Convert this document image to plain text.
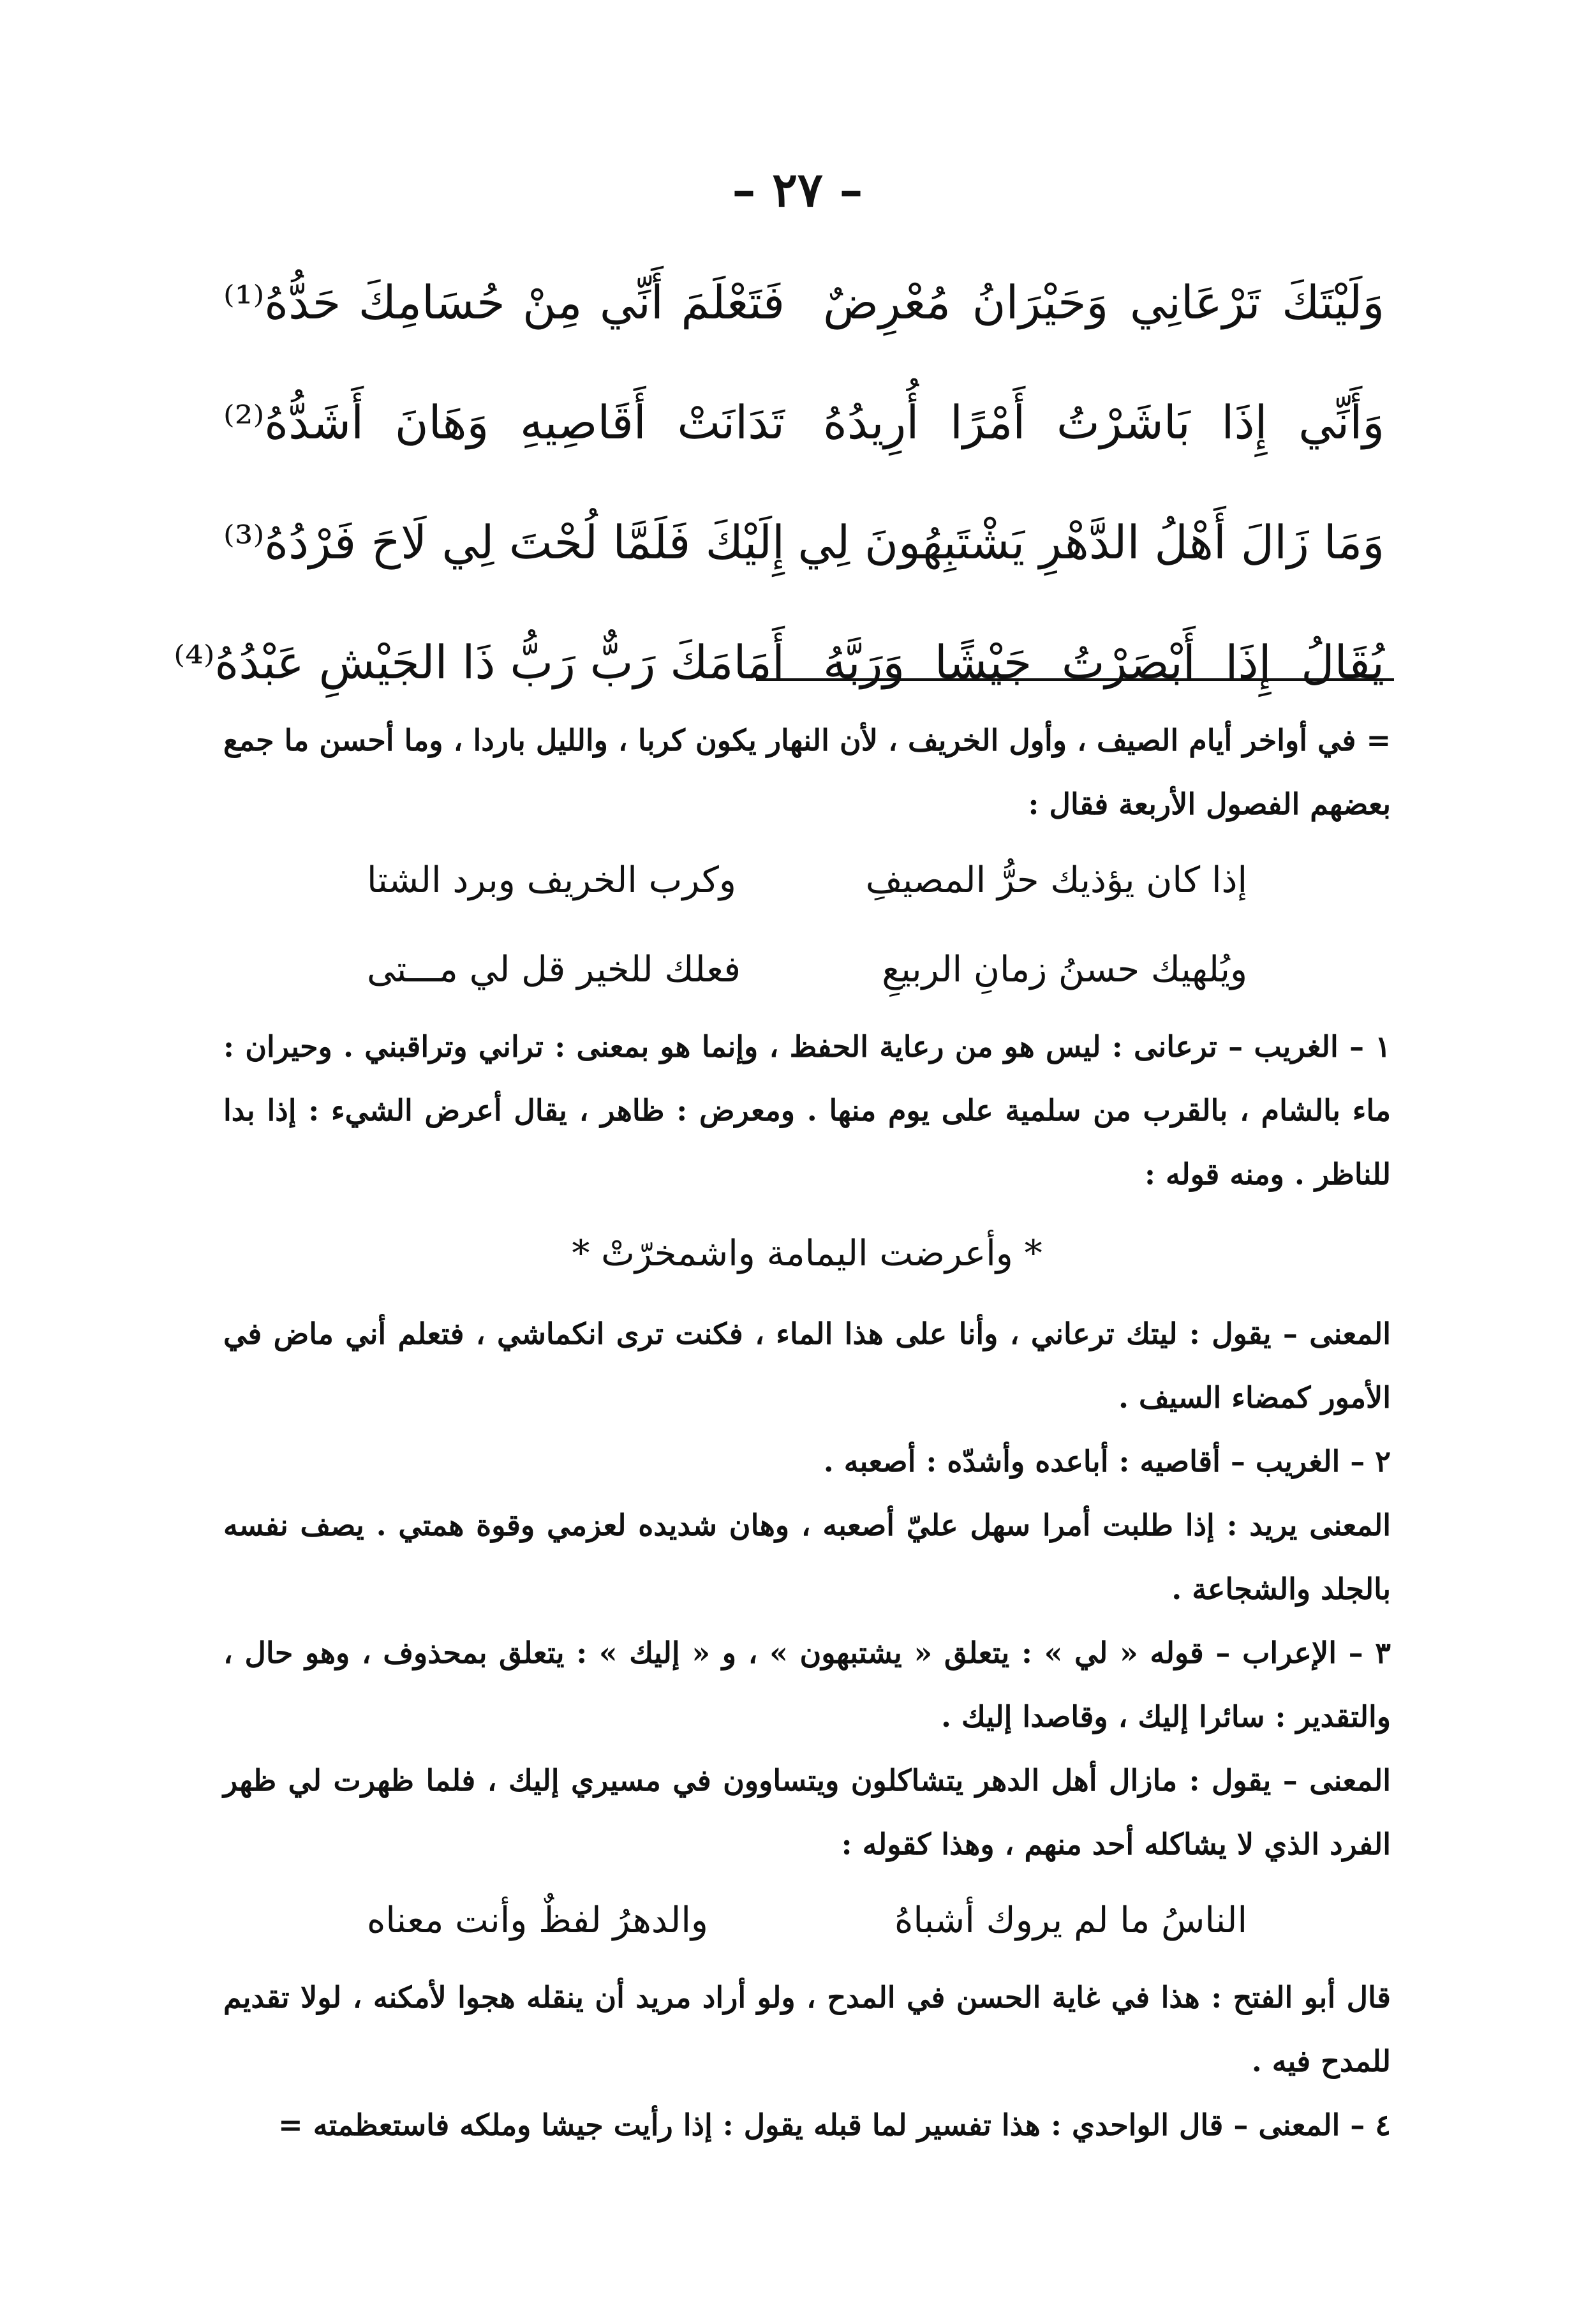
– ٢٧ –
وَلَيْتَكَ تَرْعَانِي وَحَيْرَانُ مُعْرِضٌ
فَتَعْلَمَ أَنِّي مِنْ حُسَامِكَ حَدُّهُ⁽¹⁾
وَأَنِّي إِذَا بَاشَرْتُ أَمْرًا أُرِيدُهُ
تَدَانَتْ أَقَاصِيهِ وَهَانَ أَشَدُّهُ⁽²⁾
وَمَا زَالَ أَهْلُ الدَّهْرِ يَشْتَبِهُونَ لِي
إِلَيْكَ فَلَمَّا لُحْتَ لِي لَاحَ فَرْدُهُ⁽³⁾
يُقَالُ إِذَا أَبْصَرْتُ جَيْشًا وَرَبَّهُ
أَمَامَكَ رَبٌّ رَبُّ ذَا الجَيْشِ عَبْدُهُ⁽⁴⁾

= في أواخر أيام الصيف ، وأول الخريف ، لأن النهار يكون كربا ، والليل باردا ، وما أحسن ما جمع بعضهم الفصول الأربعة فقال :

إذا كان يؤذيك حرُّ المصيفِ
وكرب الخريف وبرد الشتا
ويُلهيك حسنُ زمانِ الربيعِ
فعلك للخير قل لي مـــتى

١ – الغريب – ترعانى : ليس هو من رعاية الحفظ ، وإنما هو بمعنى : تراني وتراقبني . وحيران : ماء بالشام ، بالقرب من سلمية على يوم منها . ومعرض : ظاهر ، يقال أعرض الشيء : إذا بدا للناظر . ومنه قوله :

* وأعرضت اليمامة واشمخرّتْ *

المعنى – يقول : ليتك ترعاني ، وأنا على هذا الماء ، فكنت ترى انكماشي ، فتعلم أني ماض في الأمور كمضاء السيف .

٢ – الغريب – أقاصيه : أباعده وأشدّه : أصعبه .

المعنى يريد : إذا طلبت أمرا سهل عليّ أصعبه ، وهان شديده لعزمي وقوة همتي . يصف نفسه بالجلد والشجاعة .

٣ – الإعراب – قوله « لي » : يتعلق « يشتبهون » ، و « إليك » : يتعلق بمحذوف ، وهو حال ، والتقدير : سائرا إليك ، وقاصدا إليك .

المعنى – يقول : مازال أهل الدهر يتشاكلون ويتساوون في مسيري إليك ، فلما ظهرت لي ظهر الفرد الذي لا يشاكله أحد منهم ، وهذا كقوله :

الناسُ ما لم يروك أشباهُ
والدهرُ لفظٌ وأنت معناه

قال أبو الفتح : هذا في غاية الحسن في المدح ، ولو أراد مريد أن ينقله هجوا لأمكنه ، لولا تقديم للمدح فيه .

٤ – المعنى – قال الواحدي : هذا تفسير لما قبله يقول : إذا رأيت جيشا وملكه فاستعظمته =
